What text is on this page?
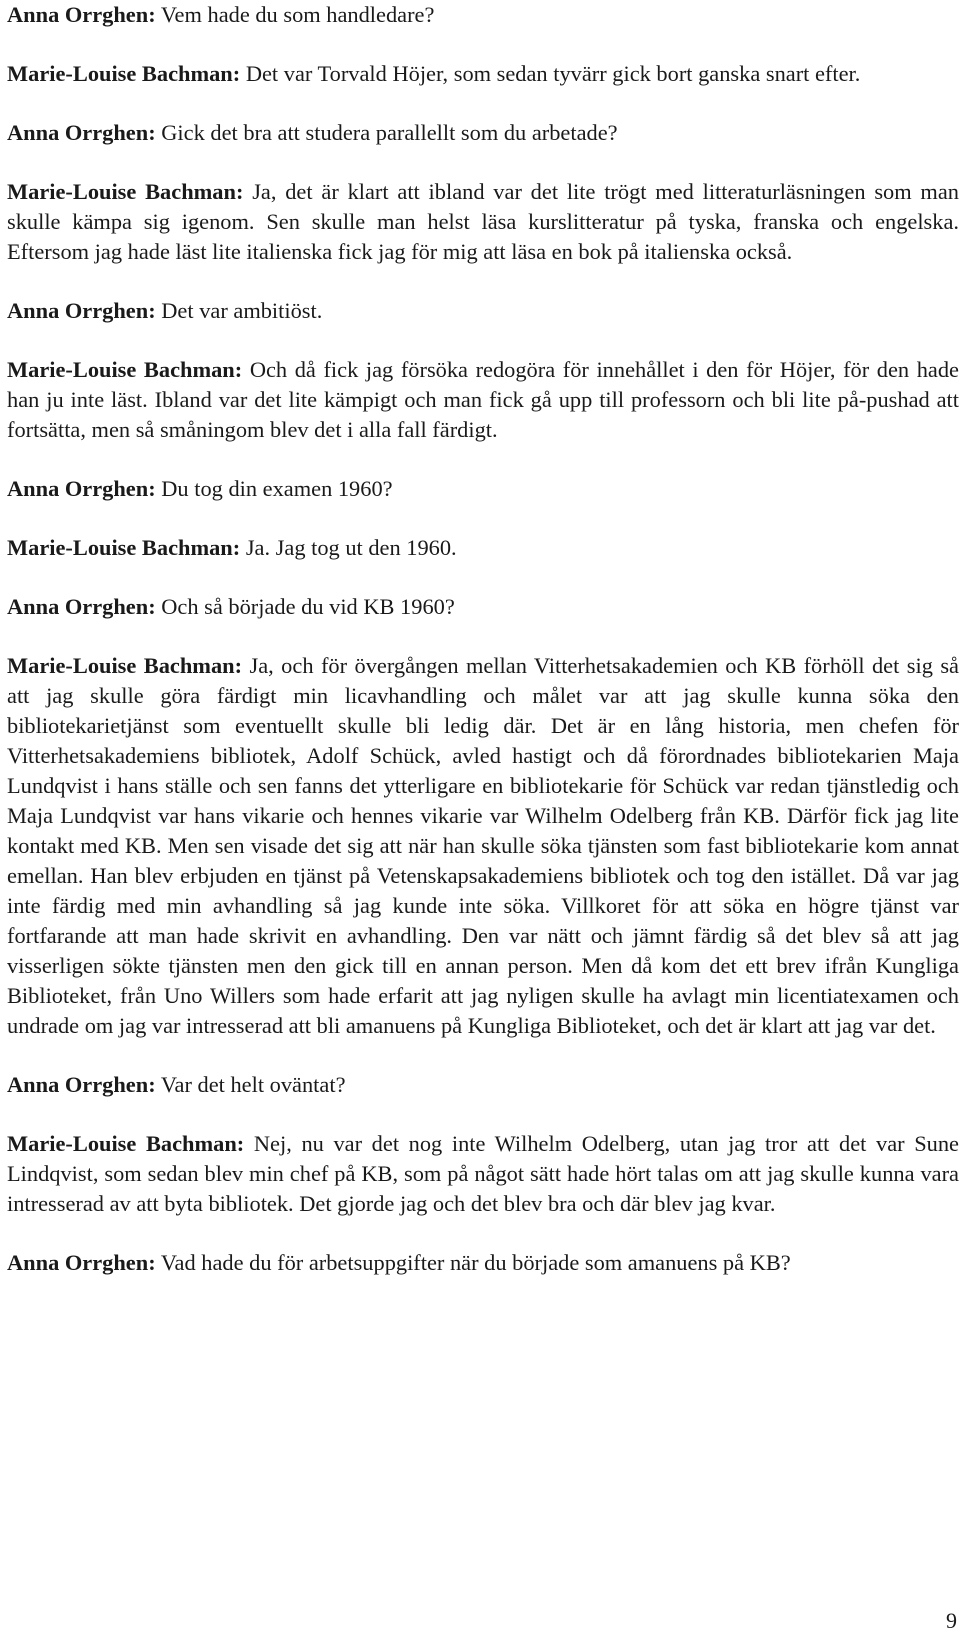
Anna Orrghen: Vem hade du som handledare?

Marie-Louise Bachman: Det var Torvald Höjer, som sedan tyvärr gick bort ganska snart efter.

Anna Orrghen: Gick det bra att studera parallellt som du arbetade?

Marie-Louise Bachman: Ja, det är klart att ibland var det lite trögt med litteraturläsningen som man skulle kämpa sig igenom. Sen skulle man helst läsa kurslitteratur på tyska, franska och engelska. Eftersom jag hade läst lite italienska fick jag för mig att läsa en bok på italienska också.

Anna Orrghen: Det var ambitiöst.

Marie-Louise Bachman: Och då fick jag försöka redogöra för innehållet i den för Höjer, för den hade han ju inte läst. Ibland var det lite kämpigt och man fick gå upp till professorn och bli lite på-pushad att fortsätta, men så småningom blev det i alla fall färdigt.

Anna Orrghen: Du tog din examen 1960?

Marie-Louise Bachman: Ja. Jag tog ut den 1960.

Anna Orrghen: Och så började du vid KB 1960?

Marie-Louise Bachman: Ja, och för övergången mellan Vitterhetsakademien och KB förhöll det sig så att jag skulle göra färdigt min licavhandling och målet var att jag skulle kunna söka den bibliotekarietjänst som eventuellt skulle bli ledig där. Det är en lång historia, men chefen för Vitterhetsakademiens bibliotek, Adolf Schück, avled hastigt och då förordnades bibliotekarien Maja Lundqvist i hans ställe och sen fanns det ytterligare en bibliotekarie för Schück var redan tjänstledig och Maja Lundqvist var hans vikarie och hennes vikarie var Wilhelm Odelberg från KB. Därför fick jag lite kontakt med KB. Men sen visade det sig att när han skulle söka tjänsten som fast bibliotekarie kom annat emellan. Han blev erbjuden en tjänst på Vetenskapsakademiens bibliotek och tog den istället. Då var jag inte färdig med min avhandling så jag kunde inte söka. Villkoret för att söka en högre tjänst var fortfarande att man hade skrivit en avhandling. Den var nätt och jämnt färdig så det blev så att jag visserligen sökte tjänsten men den gick till en annan person. Men då kom det ett brev ifrån Kungliga Biblioteket, från Uno Willers som hade erfarit att jag nyligen skulle ha avlagt min licentiatexamen och undrade om jag var intresserad att bli amanuens på Kungliga Biblioteket, och det är klart att jag var det.

Anna Orrghen: Var det helt oväntat?

Marie-Louise Bachman: Nej, nu var det nog inte Wilhelm Odelberg, utan jag tror att det var Sune Lindqvist, som sedan blev min chef på KB, som på något sätt hade hört talas om att jag skulle kunna vara intresserad av att byta bibliotek. Det gjorde jag och det blev bra och där blev jag kvar.

Anna Orrghen: Vad hade du för arbetsuppgifter när du började som amanuens på KB?

9
